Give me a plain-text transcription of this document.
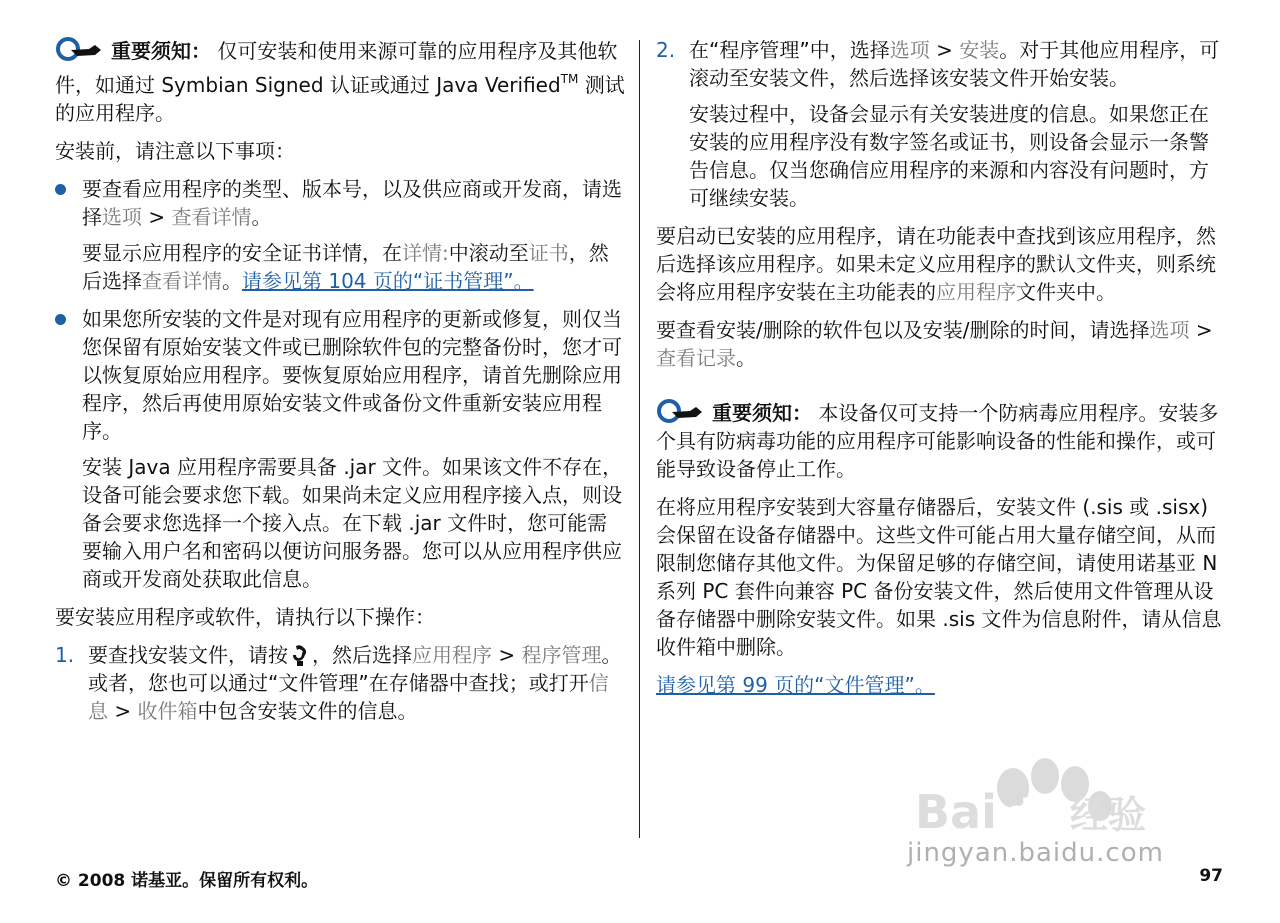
重要须知： 仅可安装和使用来源可靠的应用程序及其他软件，如通过 Symbian Signed 认证或通过 Java Verified™ 测试的应用程序。

安装前，请注意以下事项：

要查看应用程序的类型、版本号，以及供应商或开发商，请选择选项 > 查看详情。

要显示应用程序的安全证书详情，在详情:中滚动至证书，然后选择查看详情。请参见第 104 页的“证书管理”。

如果您所安装的文件是对现有应用程序的更新或修复，则仅当您保留有原始安装文件或已删除软件包的完整备份时，您才可以恢复原始应用程序。要恢复原始应用程序，请首先删除应用程序，然后再使用原始安装文件或备份文件重新安装应用程序。

安装 Java 应用程序需要具备 .jar 文件。如果该文件不存在，设备可能会要求您下载。如果尚未定义应用程序接入点，则设备会要求您选择一个接入点。在下载 .jar 文件时，您可能需要输入用户名和密码以便访问服务器。您可以从应用程序供应商或开发商处获取此信息。

要安装应用程序或软件，请执行以下操作：

1. 要查找安装文件，请按 ，然后选择应用程序 > 程序管理。或者，您也可以通过“文件管理”在存储器中查找；或打开信息 > 收件箱中包含安装文件的信息。
2. 在“程序管理”中，选择选项 > 安装。对于其他应用程序，可滚动至安装文件，然后选择该安装文件开始安装。

安装过程中，设备会显示有关安装进度的信息。如果您正在安装的应用程序没有数字签名或证书，则设备会显示一条警告信息。仅当您确信应用程序的来源和内容没有问题时，方可继续安装。

要启动已安装的应用程序，请在功能表中查找到该应用程序，然后选择该应用程序。如果未定义应用程序的默认文件夹，则系统会将应用程序安装在主功能表的应用程序文件夹中。

要查看安装/删除的软件包以及安装/删除的时间，请选择选项 > 查看记录。

重要须知： 本设备仅可支持一个防病毒应用程序。安装多个具有防病毒功能的应用程序可能影响设备的性能和操作，或可能导致设备停止工作。

在将应用程序安装到大容量存储器后，安装文件 (.sis 或 .sisx) 会保留在设备存储器中。这些文件可能占用大量存储空间，从而限制您储存其他文件。为保留足够的存储空间，请使用诺基亚 N 系列 PC 套件向兼容 PC 备份安装文件，然后使用文件管理从设备存储器中删除安装文件。如果 .sis 文件为信息附件，请从信息收件箱中删除。

请参见第 99 页的“文件管理”。

Bai du 经验
jingyan.baidu.com
© 2008 诺基亚。保留所有权利。	97
